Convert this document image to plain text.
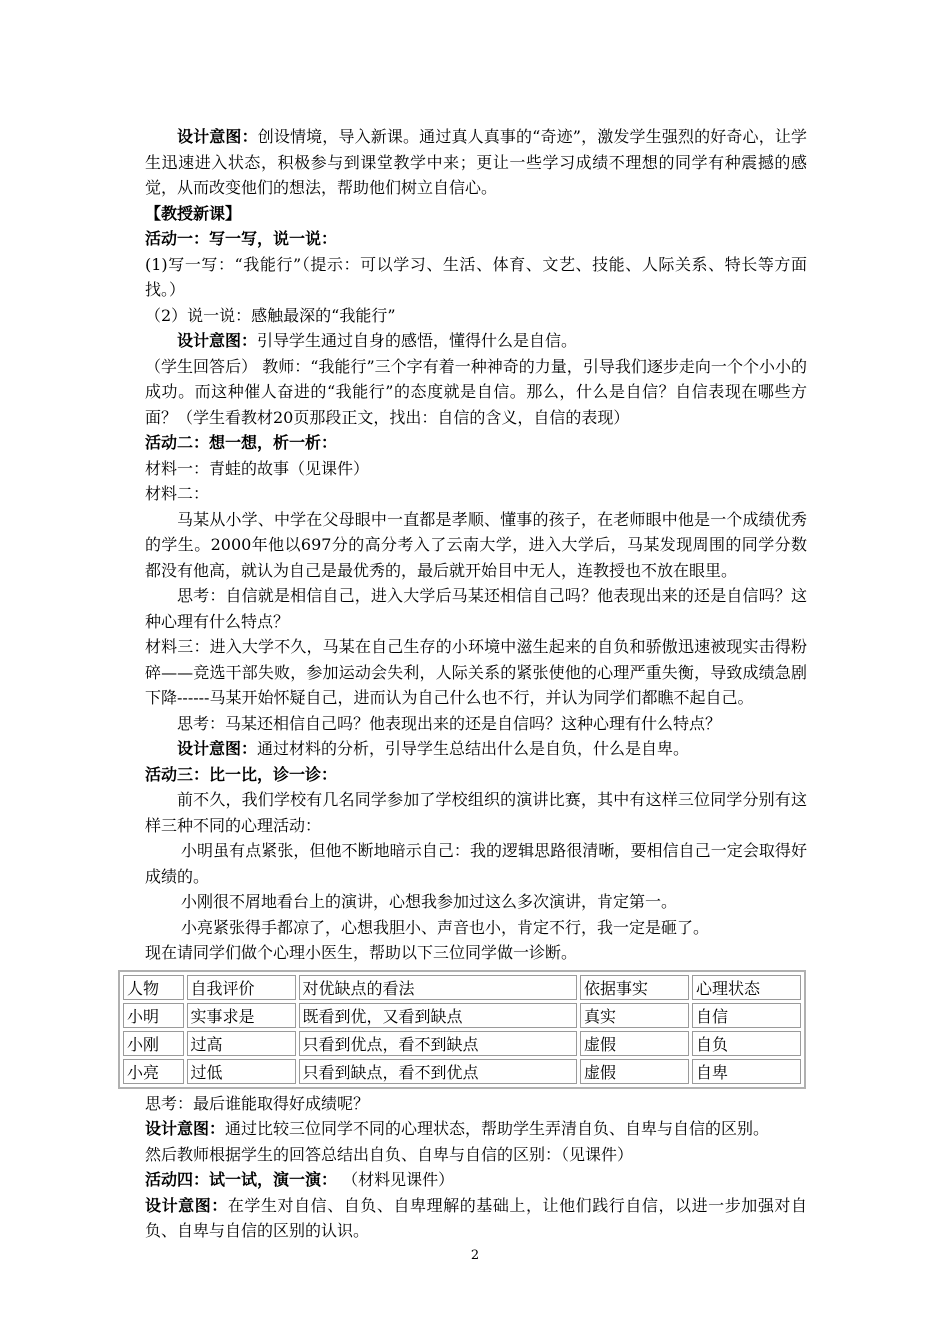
设计意图：创设情境，导入新课。通过真人真事的“奇迹”，激发学生强烈的好奇心，让学生迅速进入状态，积极参与到课堂教学中来；更让一些学习成绩不理想的同学有种震撼的感觉，从而改变他们的想法，帮助他们树立自信心。

【教授新课】

活动一：写一写，说一说：

(1)写一写：“我能行”（提示：可以学习、生活、体育、文艺、技能、人际关系、特长等方面找。）

（2）说一说：感触最深的“我能行”

设计意图：引导学生通过自身的感悟，懂得什么是自信。

（学生回答后） 教师：“我能行”三个字有着一种神奇的力量，引导我们逐步走向一个个小小的成功。而这种催人奋进的“我能行”的态度就是自信。那么，什么是自信？自信表现在哪些方面？（学生看教材20页那段正文，找出：自信的含义，自信的表现）

活动二：想一想，析一析：

材料一：青蛙的故事（见课件）

材料二：

马某从小学、中学在父母眼中一直都是孝顺、懂事的孩子，在老师眼中他是一个成绩优秀的学生。2000年他以697分的高分考入了云南大学，进入大学后，马某发现周围的同学分数都没有他高，就认为自己是最优秀的，最后就开始目中无人，连教授也不放在眼里。

思考：自信就是相信自己，进入大学后马某还相信自己吗？他表现出来的还是自信吗？这种心理有什么特点？

材料三：进入大学不久，马某在自己生存的小环境中滋生起来的自负和骄傲迅速被现实击得粉碎——竞选干部失败，参加运动会失利，人际关系的紧张使他的心理严重失衡，导致成绩急剧下降------马某开始怀疑自己，进而认为自己什么也不行，并认为同学们都瞧不起自己。

思考：马某还相信自己吗？他表现出来的还是自信吗？这种心理有什么特点？

设计意图：通过材料的分析，引导学生总结出什么是自负，什么是自卑。

活动三：比一比，诊一诊：

前不久，我们学校有几名同学参加了学校组织的演讲比赛，其中有这样三位同学分别有这样三种不同的心理活动：

小明虽有点紧张，但他不断地暗示自己：我的逻辑思路很清晰，要相信自己一定会取得好成绩的。

小刚很不屑地看台上的演讲，心想我参加过这么多次演讲，肯定第一。

小亮紧张得手都凉了，心想我胆小、声音也小，肯定不行，我一定是砸了。

现在请同学们做个心理小医生，帮助以下三位同学做一诊断。

人物	自我评价	对优缺点的看法	依据事实	心理状态
小明	实事求是	既看到优，又看到缺点	真实	自信
小刚	过高	只看到优点，看不到缺点	虚假	自负
小亮	过低	只看到缺点，看不到优点	虚假	自卑

思考：最后谁能取得好成绩呢？

设计意图：通过比较三位同学不同的心理状态，帮助学生弄清自负、自卑与自信的区别。

然后教师根据学生的回答总结出自负、自卑与自信的区别：（见课件）

活动四：试一试，演一演： （材料见课件）

设计意图：在学生对自信、自负、自卑理解的基础上，让他们践行自信，以进一步加强对自负、自卑与自信的区别的认识。

2
